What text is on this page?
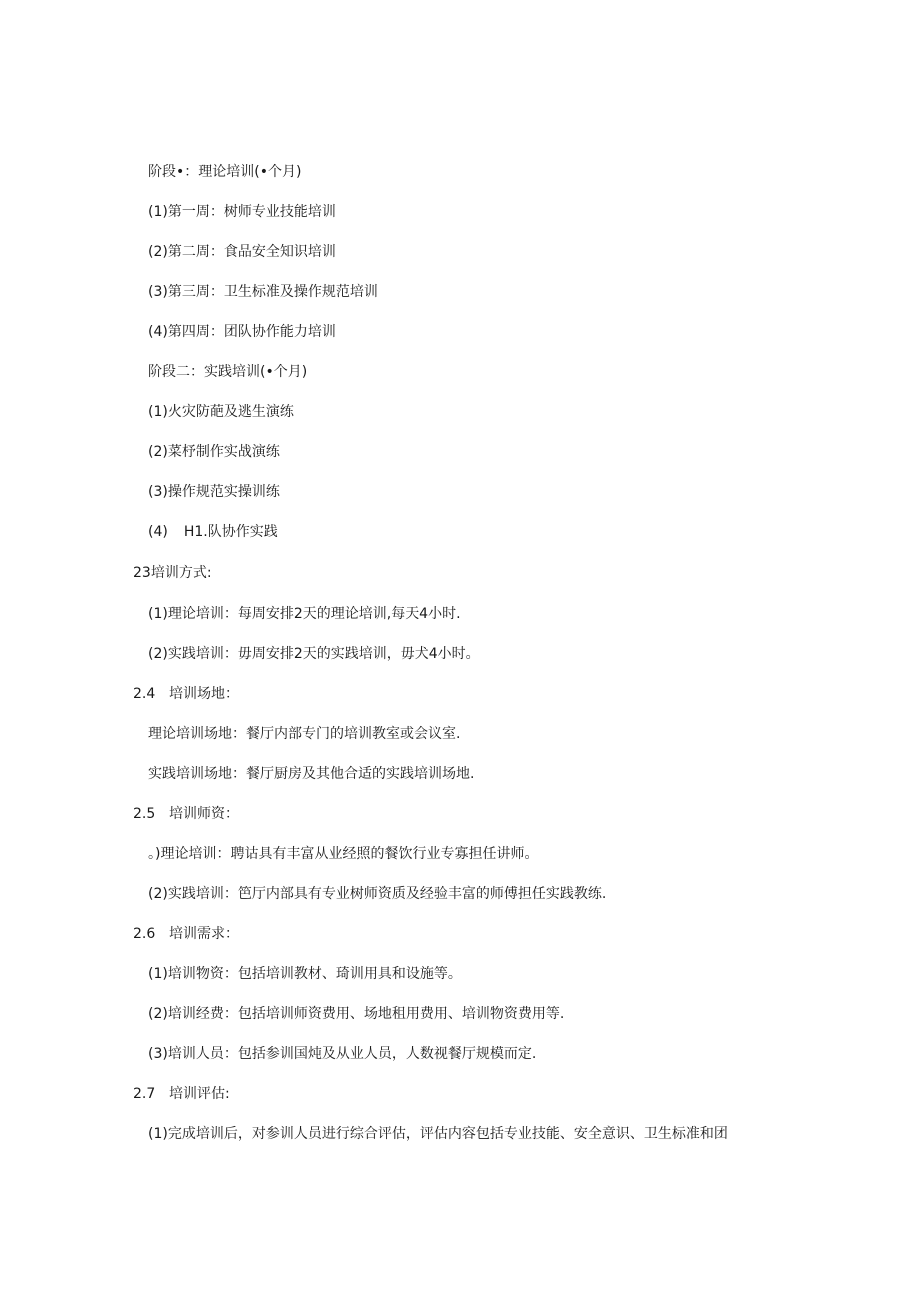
阶段•：理论培训(•个月)
(1)第一周：树师专业技能培训
(2)第二周：食品安全知识培训
(3)第三周：卫生标准及操作规范培训
(4)第四周：团队协作能力培训
阶段二：实践培训(•个月)
(1)火灾防葩及逃生演练
(2)菜杼制作实战演练
(3)操作规范实操训练
(4) H1.队协作实践
23培训方式:
(1)理论培训：每周安排2天的理论培训,每天4小时.
(2)实践培训：毋周安排2天的实践培训，毋犬4小时。
2.4 培训场地：
理论培训场地：餐厅内部专门的培训教室或会议室.
实践培训场地：餐厅厨房及其他合适的实践培训场地.
2.5 培训师资：
。)理论培训：聘诂具有丰富从业经照的餐饮行业专寡担任讲师。
(2)实践培训：笆厅内部具有专业树师资质及经验丰富的师傅担任实践教练.
2.6 培训需求：
(1)培训物资：包括培训教材、琦训用具和设施等。
(2)培训经费：包括培训师资费用、场地租用费用、培训物资费用等.
(3)培训人员：包括参训国炖及从业人员，人数视餐厅规模而定.
2.7 培训评估:
(1)完成培训后，对参训人员进行综合评估，评估内容包括专业技能、安全意识、卫生标准和团
